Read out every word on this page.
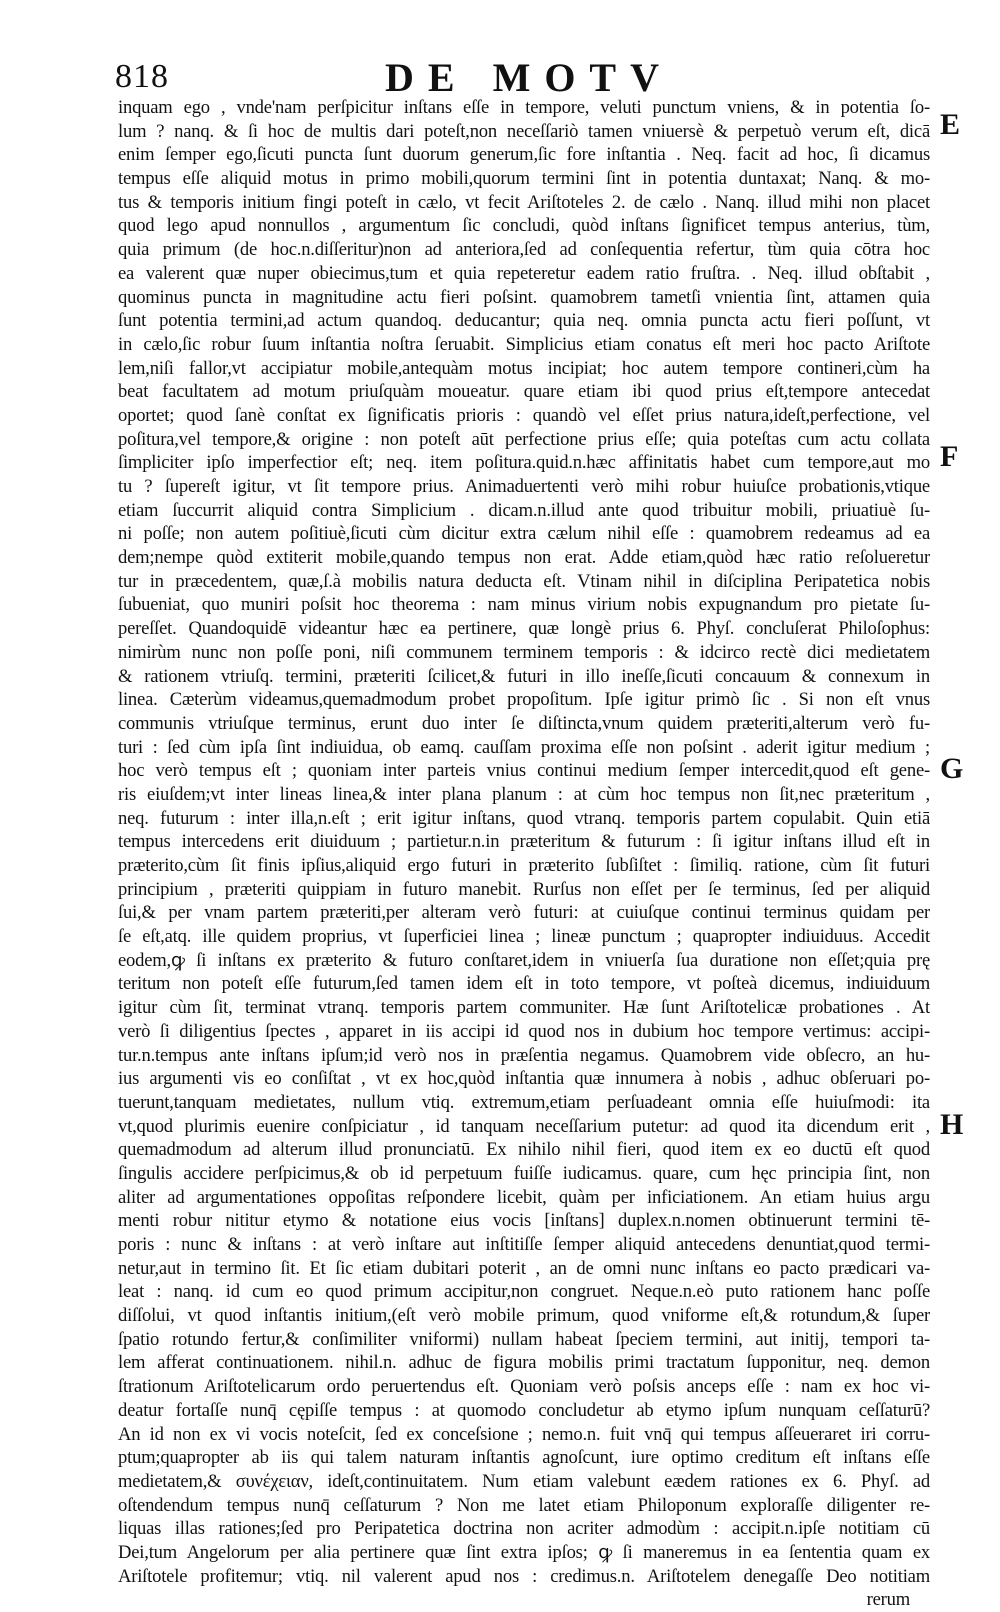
818	DE MOTV
E
F
G
H
inquam ego , vnde'nam perſpicitur inſtans eſſe in tempore, veluti punctum vniens, & in potentia ſo-
lum ? nanq. & ſi hoc de multis dari poteſt,non neceſſariò tamen vniuersè & perpetuò verum eſt, dicā
enim ſemper ego,ſicuti puncta ſunt duorum generum,ſic fore inſtantia . Neq. facit ad hoc, ſi dicamus
tempus eſſe aliquid motus in primo mobili,quorum termini ſint in potentia duntaxat; Nanq. & mo-
tus & temporis initium fingi poteſt in cælo, vt fecit Ariſtoteles 2. de cælo . Nanq. illud mihi non placet
quod lego apud nonnullos , argumentum ſic concludi, quòd inſtans ſignificet tempus anterius, tùm,
quia primum (de hoc.n.diſſeritur)non ad anteriora,ſed ad conſequentia refertur, tùm quia cōtra hoc
ea valerent quæ nuper obiecimus,tum et quia repeteretur eadem ratio fruſtra. . Neq. illud obſtabit ,
quominus puncta in magnitudine actu fieri poſsint. quamobrem tametſi vnientia ſint, attamen quia
ſunt potentia termini,ad actum quandoq. deducantur; quia neq. omnia puncta actu fieri poſſunt, vt
in cælo,ſic robur ſuum inſtantia noſtra ſeruabit. Simplicius etiam conatus eſt meri hoc pacto Ariſtote
lem,niſi fallor,vt accipiatur mobile,antequàm motus incipiat; hoc autem tempore contineri,cùm ha
beat facultatem ad motum priuſquàm moueatur. quare etiam ibi quod prius eſt,tempore antecedat
oportet; quod ſanè conſtat ex ſignificatis prioris : quandò vel eſſet prius natura,ideſt,perfectione, vel
poſitura,vel tempore,& origine : non poteſt aūt perfectione prius eſſe; quia poteſtas cum actu collata
ſimpliciter ipſo imperfectior eſt; neq. item poſitura.quid.n.hæc affinitatis habet cum tempore,aut mo
tu ? ſupereſt igitur, vt ſit tempore prius. Animaduertenti verò mihi robur huiuſce probationis,vtique
etiam ſuccurrit aliquid contra Simplicium . dicam.n.illud ante quod tribuitur mobili, priuatiuè ſu-
ni poſſe; non autem poſitiuè,ſicuti cùm dicitur extra cælum nihil eſſe : quamobrem redeamus ad ea
dem;nempe quòd extiterit mobile,quando tempus non erat. Adde etiam,quòd hæc ratio reſolueretur
tur in præcedentem, quæ,ſ.à mobilis natura deducta eſt. Vtinam nihil in diſciplina Peripatetica nobis
ſubueniat, quo muniri poſsit hoc theorema : nam minus virium nobis expugnandum pro pietate ſu-
pereſſet. Quandoquidē videantur hæc ea pertinere, quæ longè prius 6. Phyſ. concluſerat Philoſophus:
nimirùm nunc non poſſe poni, niſi communem terminem temporis : & idcirco rectè dici medietatem
& rationem vtriuſq. termini, præteriti ſcilicet,& futuri in illo ineſſe,ſicuti concauum & connexum in
linea. Cæterùm videamus,quemadmodum probet propoſitum. Ipſe igitur primò ſic . Si non eſt vnus
communis vtriuſque terminus, erunt duo inter ſe diſtincta,vnum quidem præteriti,alterum verò fu-
turi : ſed cùm ipſa ſint indiuidua, ob eamq. cauſſam proxima eſſe non poſsint . aderit igitur medium ;
hoc verò tempus eſt ; quoniam inter parteis vnius continui medium ſemper intercedit,quod eſt gene-
ris eiuſdem;vt inter lineas linea,& inter plana planum : at cùm hoc tempus non ſit,nec præteritum ,
neq. futurum : inter illa,n.eſt ; erit igitur inſtans, quod vtranq. temporis partem copulabit. Quin etiā
tempus intercedens erit diuiduum ; partietur.n.in præteritum & futurum : ſi igitur inſtans illud eſt in
præterito,cùm ſit finis ipſius,aliquid ergo futuri in præterito ſubſiſtet : ſimiliq. ratione, cùm ſit futuri
principium , præteriti quippiam in futuro manebit. Rurſus non eſſet per ſe terminus, ſed per aliquid
ſui,& per vnam partem præteriti,per alteram verò futuri: at cuiuſque continui terminus quidam per
ſe eſt,atq. ille quidem proprius, vt ſuperficiei linea ; lineæ punctum ; quapropter indiuiduus. Accedit
eodem,ꝙ ſi inſtans ex præterito & futuro conſtaret,idem in vniuerſa ſua duratione non eſſet;quia prę
teritum non poteſt eſſe futurum,ſed tamen idem eſt in toto tempore, vt poſteà dicemus, indiuiduum
igitur cùm ſit, terminat vtranq. temporis partem communiter. Hæ ſunt Ariſtotelicæ probationes . At
verò ſi diligentius ſpectes , apparet in iis accipi id quod nos in dubium hoc tempore vertimus: accipi-
tur.n.tempus ante inſtans ipſum;id verò nos in præſentia negamus. Quamobrem vide obſecro, an hu-
ius argumenti vis eo conſiſtat , vt ex hoc,quòd inſtantia quæ innumera à nobis , adhuc obſeruari po-
tuerunt,tanquam medietates, nullum vtiq. extremum,etiam perſuadeant omnia eſſe huiuſmodi: ita
vt,quod plurimis euenire conſpiciatur , id tanquam neceſſarium putetur: ad quod ita dicendum erit ,
quemadmodum ad alterum illud pronunciatū. Ex nihilo nihil fieri, quod item ex eo ductū eſt quod
ſingulis accidere perſpicimus,& ob id perpetuum fuiſſe iudicamus. quare, cum hęc principia ſint, non
aliter ad argumentationes oppoſitas reſpondere licebit, quàm per inficiationem. An etiam huius argu
menti robur nititur etymo & notatione eius vocis [inſtans] duplex.n.nomen obtinuerunt termini tē-
poris : nunc & inſtans : at verò inſtare aut inſtitiſſe ſemper aliquid antecedens denuntiat,quod termi-
netur,aut in termino ſit. Et ſic etiam dubitari poterit , an de omni nunc inſtans eo pacto prædicari va-
leat : nanq. id cum eo quod primum accipitur,non congruet. Neque.n.eò puto rationem hanc poſſe
diſſolui, vt quod inſtantis initium,(eſt verò mobile primum, quod vniforme eſt,& rotundum,& ſuper
ſpatio rotundo fertur,& conſimiliter vniformi) nullam habeat ſpeciem termini, aut initij, tempori ta-
lem afferat continuationem. nihil.n. adhuc de figura mobilis primi tractatum ſupponitur, neq. demon
ſtrationum Ariſtotelicarum ordo peruertendus eſt. Quoniam verò poſsis anceps eſſe : nam ex hoc vi-
deatur fortaſſe nunq̄ cępiſſe tempus : at quomodo concludetur ab etymo ipſum nunquam ceſſaturū?
An id non ex vi vocis noteſcit, ſed ex conceſsione ; nemo.n. fuit vnq̄ qui tempus aſſeueraret iri corru-
ptum;quapropter ab iis qui talem naturam inſtantis agnoſcunt, iure optimo creditum eſt inſtans eſſe
medietatem,& συνέχειαν, ideſt,continuitatem. Num etiam valebunt eædem rationes ex 6. Phyſ. ad
oſtendendum tempus nunq̄ ceſſaturum ? Non me latet etiam Philoponum exploraſſe diligenter re-
liquas illas rationes;ſed pro Peripatetica doctrina non acriter admodùm : accipit.n.ipſe notitiam cū
Dei,tum Angelorum per alia pertinere quæ ſint extra ipſos; ꝙ ſi maneremus in ea ſententia quam ex
Ariſtotele profitemur; vtiq. nil valerent apud nos : credimus.n. Ariſtotelem denegaſſe Deo notitiam
rerum
